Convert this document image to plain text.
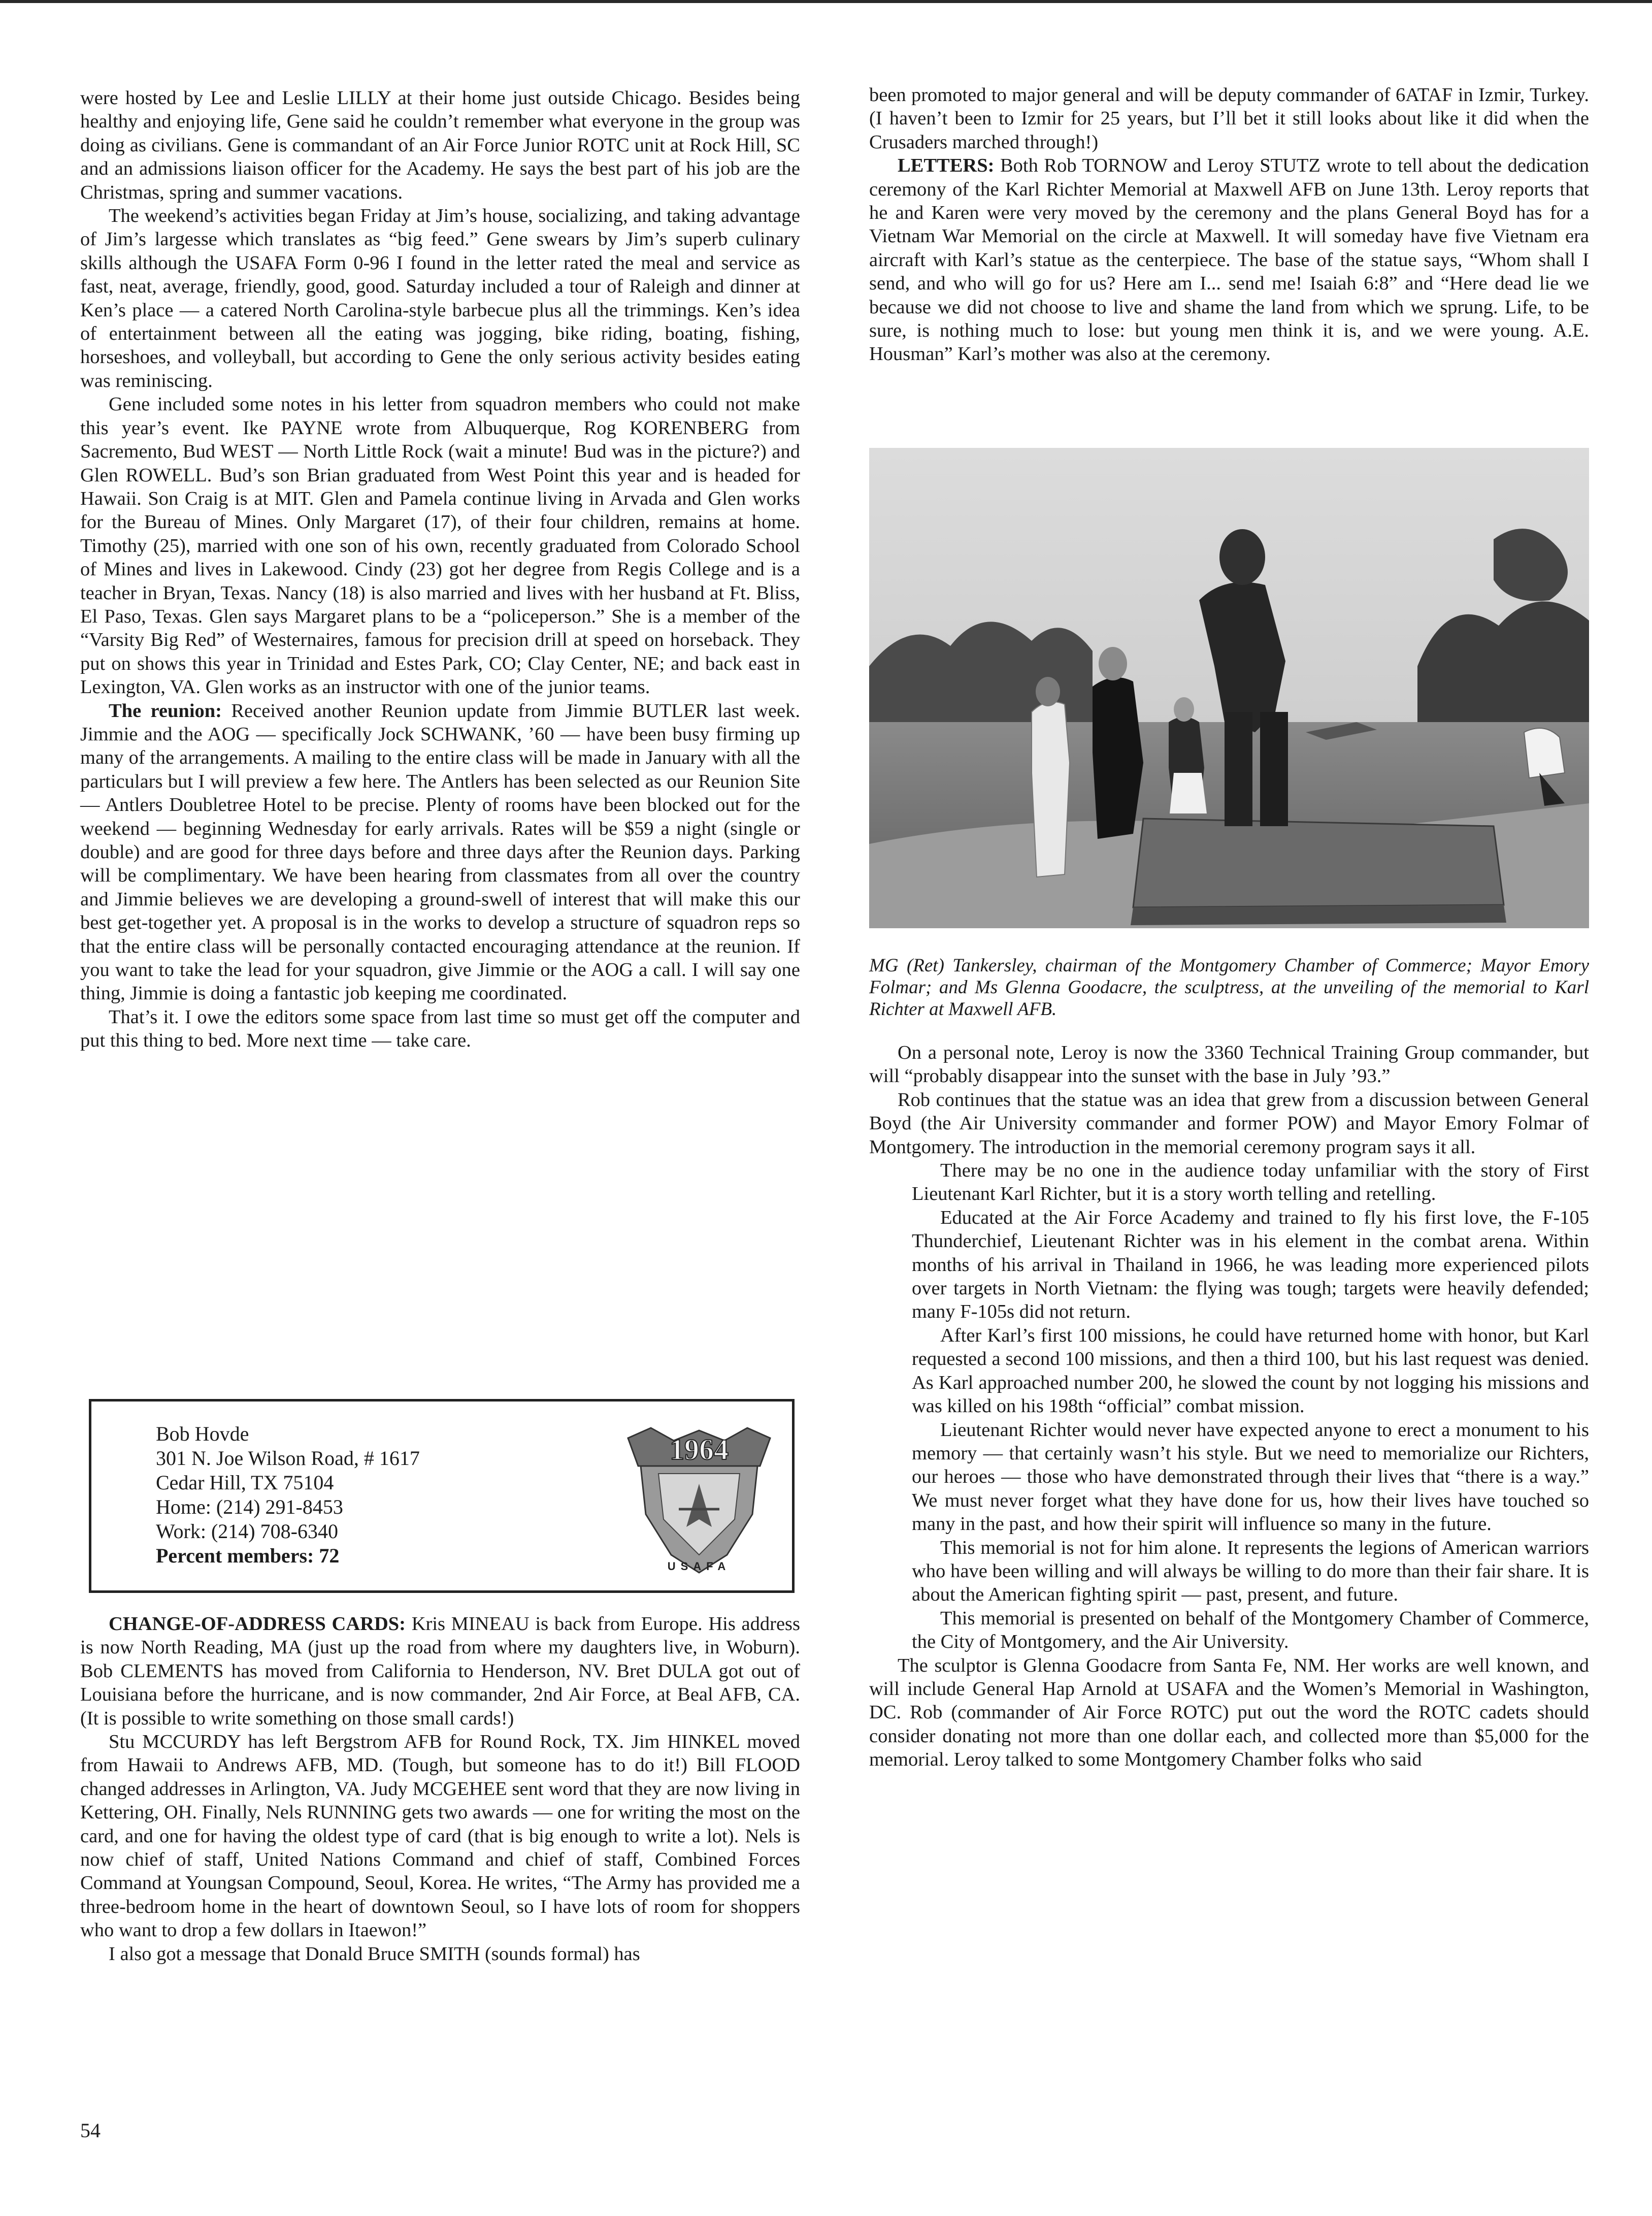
were hosted by Lee and Leslie LILLY at their home just outside Chicago. Besides being healthy and enjoying life, Gene said he couldn’t remember what everyone in the group was doing as civilians. Gene is commandant of an Air Force Junior ROTC unit at Rock Hill, SC and an admissions liaison officer for the Academy. He says the best part of his job are the Christmas, spring and summer vacations.

The weekend’s activities began Friday at Jim’s house, socializing, and taking advantage of Jim’s largesse which translates as “big feed.” Gene swears by Jim’s superb culinary skills although the USAFA Form 0-96 I found in the letter rated the meal and service as fast, neat, average, friendly, good, good. Saturday included a tour of Raleigh and dinner at Ken’s place — a catered North Carolina-style barbecue plus all the trimmings. Ken’s idea of entertainment between all the eating was jogging, bike riding, boating, fishing, horseshoes, and volleyball, but according to Gene the only serious activity besides eating was reminiscing.

Gene included some notes in his letter from squadron members who could not make this year’s event. Ike PAYNE wrote from Albuquerque, Rog KORENBERG from Sacremento, Bud WEST — North Little Rock (wait a minute! Bud was in the picture?) and Glen ROWELL. Bud’s son Brian graduated from West Point this year and is headed for Hawaii. Son Craig is at MIT. Glen and Pamela continue living in Arvada and Glen works for the Bureau of Mines. Only Margaret (17), of their four children, remains at home. Timothy (25), married with one son of his own, recently graduated from Colorado School of Mines and lives in Lakewood. Cindy (23) got her degree from Regis College and is a teacher in Bryan, Texas. Nancy (18) is also married and lives with her husband at Ft. Bliss, El Paso, Texas. Glen says Margaret plans to be a “policeperson.” She is a member of the “Varsity Big Red” of Westernaires, famous for precision drill at speed on horseback. They put on shows this year in Trinidad and Estes Park, CO; Clay Center, NE; and back east in Lexington, VA. Glen works as an instructor with one of the junior teams.

The reunion: Received another Reunion update from Jimmie BUTLER last week. Jimmie and the AOG — specifically Jock SCHWANK, ’60 — have been busy firming up many of the arrangements. A mailing to the entire class will be made in January with all the particulars but I will preview a few here. The Antlers has been selected as our Reunion Site — Antlers Doubletree Hotel to be precise. Plenty of rooms have been blocked out for the weekend — beginning Wednesday for early arrivals. Rates will be $59 a night (single or double) and are good for three days before and three days after the Reunion days. Parking will be complimentary. We have been hearing from classmates from all over the country and Jimmie believes we are developing a ground-swell of interest that will make this our best get-together yet. A proposal is in the works to develop a structure of squadron reps so that the entire class will be personally contacted encouraging attendance at the reunion. If you want to take the lead for your squadron, give Jimmie or the AOG a call. I will say one thing, Jimmie is doing a fantastic job keeping me coordinated.

That’s it. I owe the editors some space from last time so must get off the computer and put this thing to bed. More next time — take care.

Bob Hovde
301 N. Joe Wilson Road, # 1617
Cedar Hill, TX 75104
Home: (214) 291-8453
Work: (214) 708-6340
Percent members: 72
1964
USAFA

CHANGE-OF-ADDRESS CARDS: Kris MINEAU is back from Europe. His address is now North Reading, MA (just up the road from where my daughters live, in Woburn). Bob CLEMENTS has moved from California to Henderson, NV. Bret DULA got out of Louisiana before the hurricane, and is now commander, 2nd Air Force, at Beal AFB, CA. (It is possible to write something on those small cards!)

Stu MCCURDY has left Bergstrom AFB for Round Rock, TX. Jim HINKEL moved from Hawaii to Andrews AFB, MD. (Tough, but someone has to do it!) Bill FLOOD changed addresses in Arlington, VA. Judy MCGEHEE sent word that they are now living in Kettering, OH. Finally, Nels RUNNING gets two awards — one for writing the most on the card, and one for having the oldest type of card (that is big enough to write a lot). Nels is now chief of staff, United Nations Command and chief of staff, Combined Forces Command at Youngsan Compound, Seoul, Korea. He writes, “The Army has provided me a three-bedroom home in the heart of downtown Seoul, so I have lots of room for shoppers who want to drop a few dollars in Itaewon!”

I also got a message that Donald Bruce SMITH (sounds formal) has

been promoted to major general and will be deputy commander of 6ATAF in Izmir, Turkey. (I haven’t been to Izmir for 25 years, but I’ll bet it still looks about like it did when the Crusaders marched through!)

LETTERS: Both Rob TORNOW and Leroy STUTZ wrote to tell about the dedication ceremony of the Karl Richter Memorial at Maxwell AFB on June 13th. Leroy reports that he and Karen were very moved by the ceremony and the plans General Boyd has for a Vietnam War Memorial on the circle at Maxwell. It will someday have five Vietnam era aircraft with Karl’s statue as the centerpiece. The base of the statue says, “Whom shall I send, and who will go for us? Here am I... send me! Isaiah 6:8” and “Here dead lie we because we did not choose to live and shame the land from which we sprung. Life, to be sure, is nothing much to lose: but young men think it is, and we were young. A.E. Housman” Karl’s mother was also at the ceremony.

MG (Ret) Tankersley, chairman of the Montgomery Chamber of Commerce; Mayor Emory Folmar; and Ms Glenna Goodacre, the sculptress, at the unveiling of the memorial to Karl Richter at Maxwell AFB.

On a personal note, Leroy is now the 3360 Technical Training Group commander, but will “probably disappear into the sunset with the base in July ’93.”

Rob continues that the statue was an idea that grew from a discussion between General Boyd (the Air University commander and former POW) and Mayor Emory Folmar of Montgomery. The introduction in the memorial ceremony program says it all.

There may be no one in the audience today unfamiliar with the story of First Lieutenant Karl Richter, but it is a story worth telling and retelling.

Educated at the Air Force Academy and trained to fly his first love, the F-105 Thunderchief, Lieutenant Richter was in his element in the combat arena. Within months of his arrival in Thailand in 1966, he was leading more experienced pilots over targets in North Vietnam: the flying was tough; targets were heavily defended; many F-105s did not return.

After Karl’s first 100 missions, he could have returned home with honor, but Karl requested a second 100 missions, and then a third 100, but his last request was denied. As Karl approached number 200, he slowed the count by not logging his missions and was killed on his 198th “official” combat mission.

Lieutenant Richter would never have expected anyone to erect a monument to his memory — that certainly wasn’t his style. But we need to memorialize our Richters, our heroes — those who have demonstrated through their lives that “there is a way.” We must never forget what they have done for us, how their lives have touched so many in the past, and how their spirit will influence so many in the future.

This memorial is not for him alone. It represents the legions of American warriors who have been willing and will always be willing to do more than their fair share. It is about the American fighting spirit — past, present, and future.

This memorial is presented on behalf of the Montgomery Chamber of Commerce, the City of Montgomery, and the Air University.

The sculptor is Glenna Goodacre from Santa Fe, NM. Her works are well known, and will include General Hap Arnold at USAFA and the Women’s Memorial in Washington, DC. Rob (commander of Air Force ROTC) put out the word the ROTC cadets should consider donating not more than one dollar each, and collected more than $5,000 for the memorial. Leroy talked to some Montgomery Chamber folks who said

54
